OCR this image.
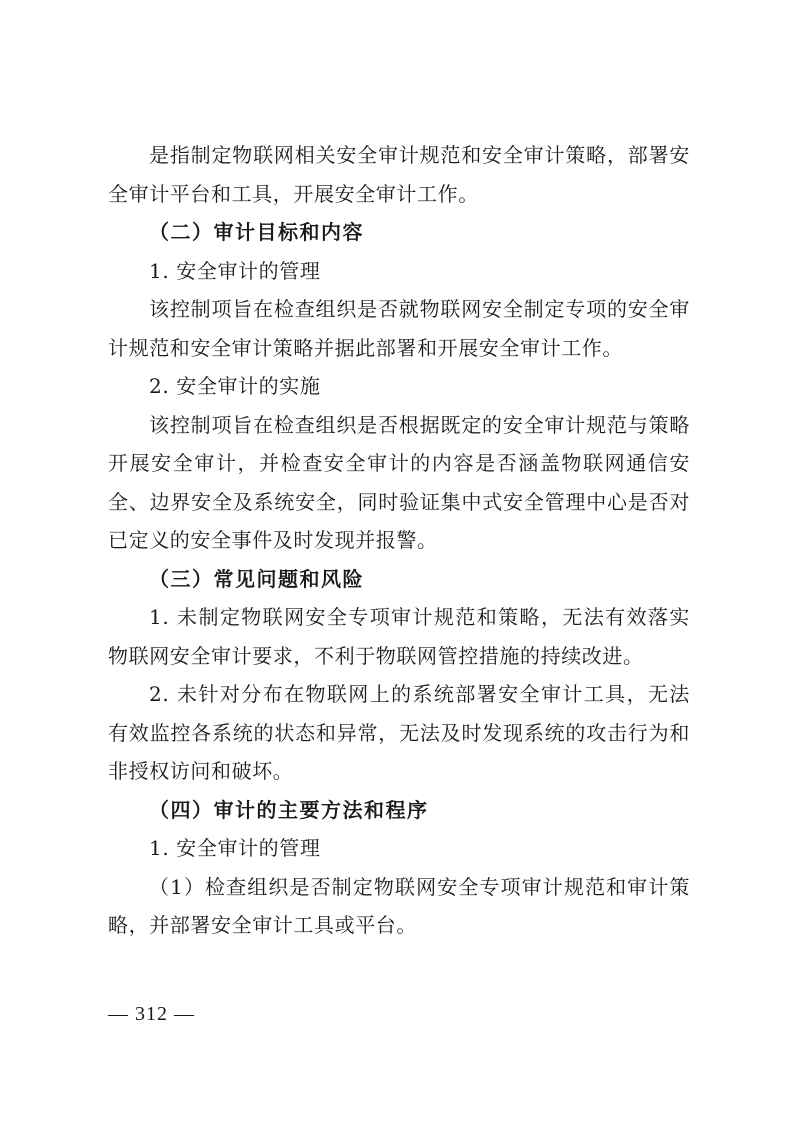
是指制定物联网相关安全审计规范和安全审计策略，部署安全审计平台和工具，开展安全审计工作。

（二）审计目标和内容

1. 安全审计的管理

该控制项旨在检查组织是否就物联网安全制定专项的安全审计规范和安全审计策略并据此部署和开展安全审计工作。

2. 安全审计的实施

该控制项旨在检查组织是否根据既定的安全审计规范与策略开展安全审计，并检查安全审计的内容是否涵盖物联网通信安全、边界安全及系统安全，同时验证集中式安全管理中心是否对已定义的安全事件及时发现并报警。

（三）常见问题和风险

1. 未制定物联网安全专项审计规范和策略，无法有效落实物联网安全审计要求，不利于物联网管控措施的持续改进。

2. 未针对分布在物联网上的系统部署安全审计工具，无法有效监控各系统的状态和异常，无法及时发现系统的攻击行为和非授权访问和破坏。

（四）审计的主要方法和程序

1. 安全审计的管理

（1）检查组织是否制定物联网安全专项审计规范和审计策略，并部署安全审计工具或平台。

— 312 —
